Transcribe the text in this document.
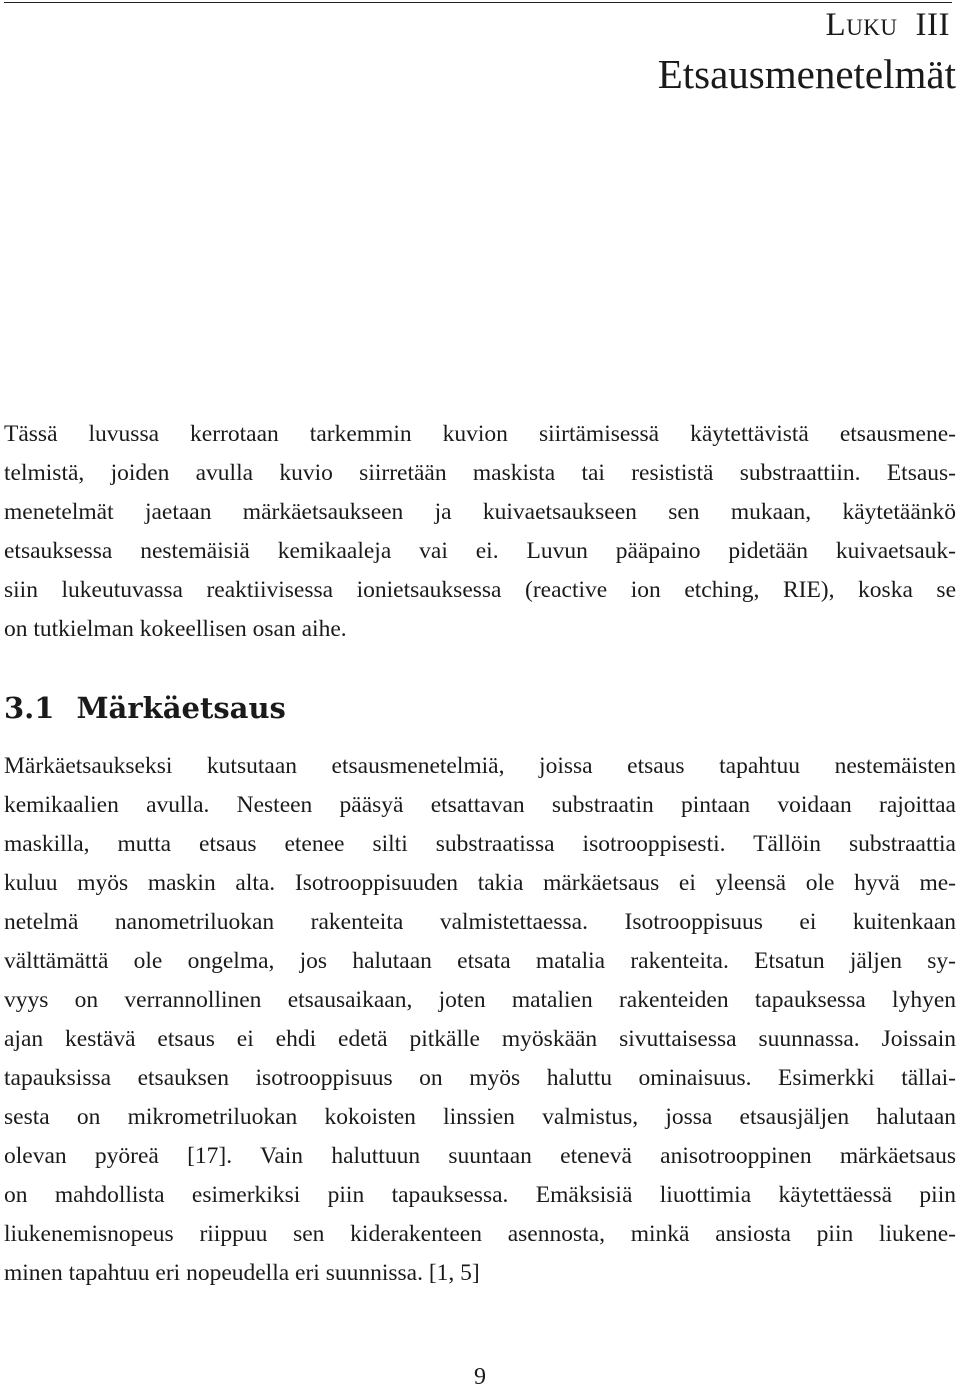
Luku III
Etsausmenetelmät
Tässä luvussa kerrotaan tarkemmin kuvion siirtämisessä käytettävistä etsausmene-
telmistä, joiden avulla kuvio siirretään maskista tai resististä substraattiin. Etsaus-
menetelmät jaetaan märkäetsaukseen ja kuivaetsaukseen sen mukaan, käytetäänkö
etsauksessa nestemäisiä kemikaaleja vai ei. Luvun pääpaino pidetään kuivaetsauk-
siin lukeutuvassa reaktiivisessa ionietsauksessa (reactive ion etching, RIE), koska se
on tutkielman kokeellisen osan aihe.
3.1 Märkäetsaus
Märkäetsaukseksi kutsutaan etsausmenetelmiä, joissa etsaus tapahtuu nestemäisten
kemikaalien avulla. Nesteen pääsyä etsattavan substraatin pintaan voidaan rajoittaa
maskilla, mutta etsaus etenee silti substraatissa isotrooppisesti. Tällöin substraattia
kuluu myös maskin alta. Isotrooppisuuden takia märkäetsaus ei yleensä ole hyvä me-
netelmä nanometriluokan rakenteita valmistettaessa. Isotrooppisuus ei kuitenkaan
välttämättä ole ongelma, jos halutaan etsata matalia rakenteita. Etsatun jäljen sy-
vyys on verrannollinen etsausaikaan, joten matalien rakenteiden tapauksessa lyhyen
ajan kestävä etsaus ei ehdi edetä pitkälle myöskään sivuttaisessa suunnassa. Joissain
tapauksissa etsauksen isotrooppisuus on myös haluttu ominaisuus. Esimerkki tällai-
sesta on mikrometriluokan kokoisten linssien valmistus, jossa etsausjäljen halutaan
olevan pyöreä [17]. Vain haluttuun suuntaan etenevä anisotrooppinen märkäetsaus
on mahdollista esimerkiksi piin tapauksessa. Emäksisiä liuottimia käytettäessä piin
liukenemisnopeus riippuu sen kiderakenteen asennosta, minkä ansiosta piin liukene-
minen tapahtuu eri nopeudella eri suunnissa. [1, 5]
9
